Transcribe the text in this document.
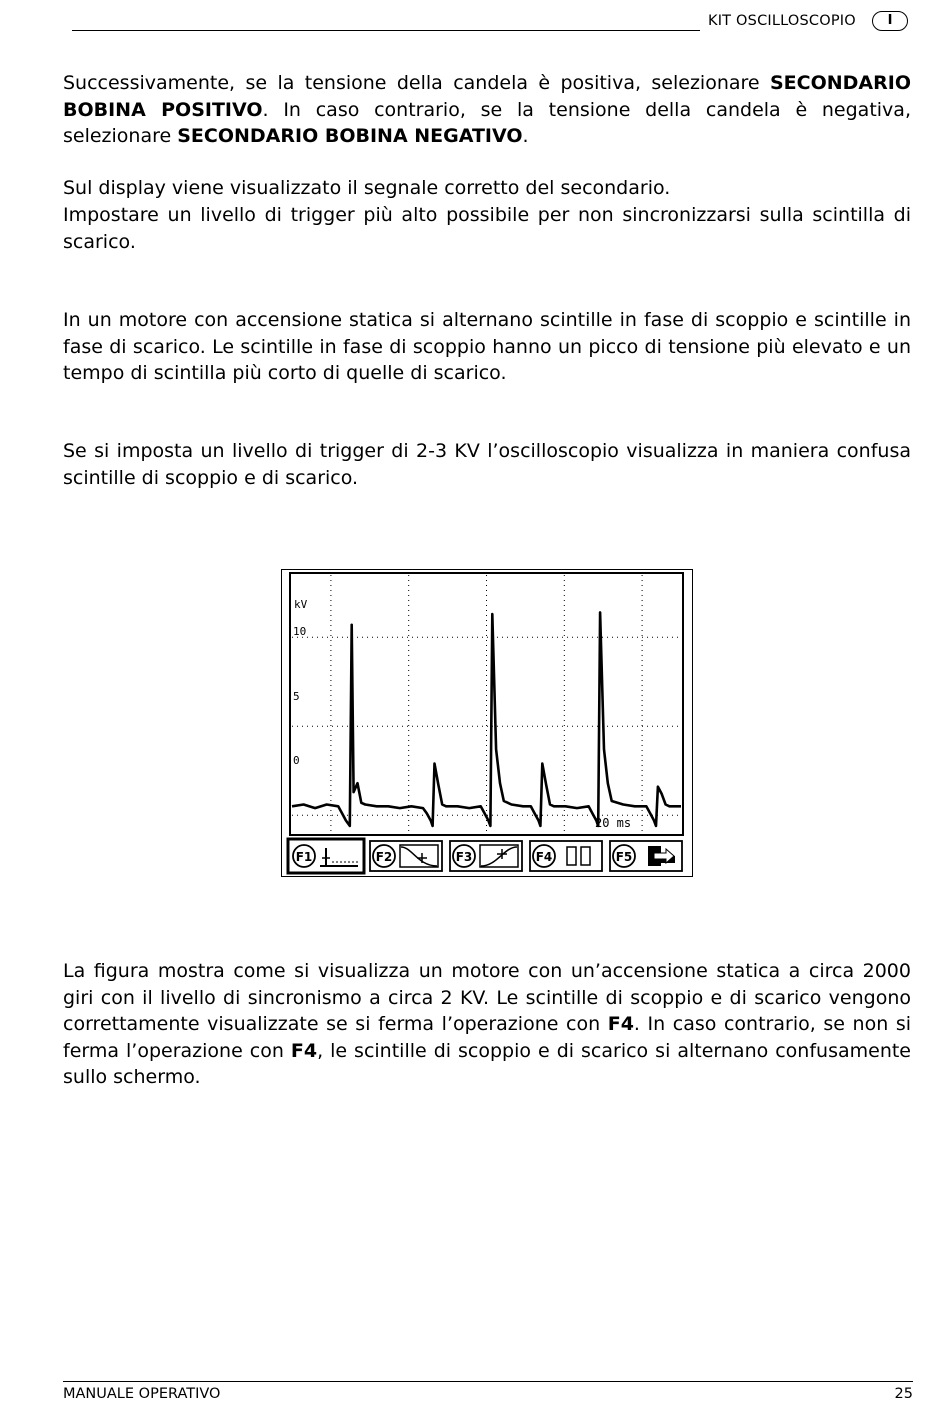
KIT OSCILLOSCOPIO	I

Successivamente, se la tensione della candela è positiva, selezionare SECONDARIO BOBINA POSITIVO. In caso contrario, se la tensione della candela è negativa, selezionare SECONDARIO BOBINA NEGATIVO.

Sul display viene visualizzato il segnale corretto del secondario.

Impostare un livello di trigger più alto possibile per non sincronizzarsi sulla scintilla di scarico.

In un motore con accensione statica si alternano scintille in fase di scoppio e scintille in fase di scarico. Le scintille in fase di scoppio hanno un picco di tensione più elevato e un tempo di scintilla più corto di quelle di scarico.

Se si imposta un livello di trigger di 2-3 KV l’oscilloscopio visualizza in maniera confusa scintille di scoppio e di scarico.

kV
10
5
0
20 ms
F1	F2	F3	F4	F5

La figura mostra come si visualizza un motore con un’accensione statica a circa 2000 giri con il livello di sincronismo a circa 2 KV. Le scintille di scoppio e di scarico vengono correttamente visualizzate se si ferma l’operazione con F4. In caso contrario, se non si ferma l’operazione con F4, le scintille di scoppio e di scarico si alternano confusamente sullo schermo.

MANUALE OPERATIVO	25
